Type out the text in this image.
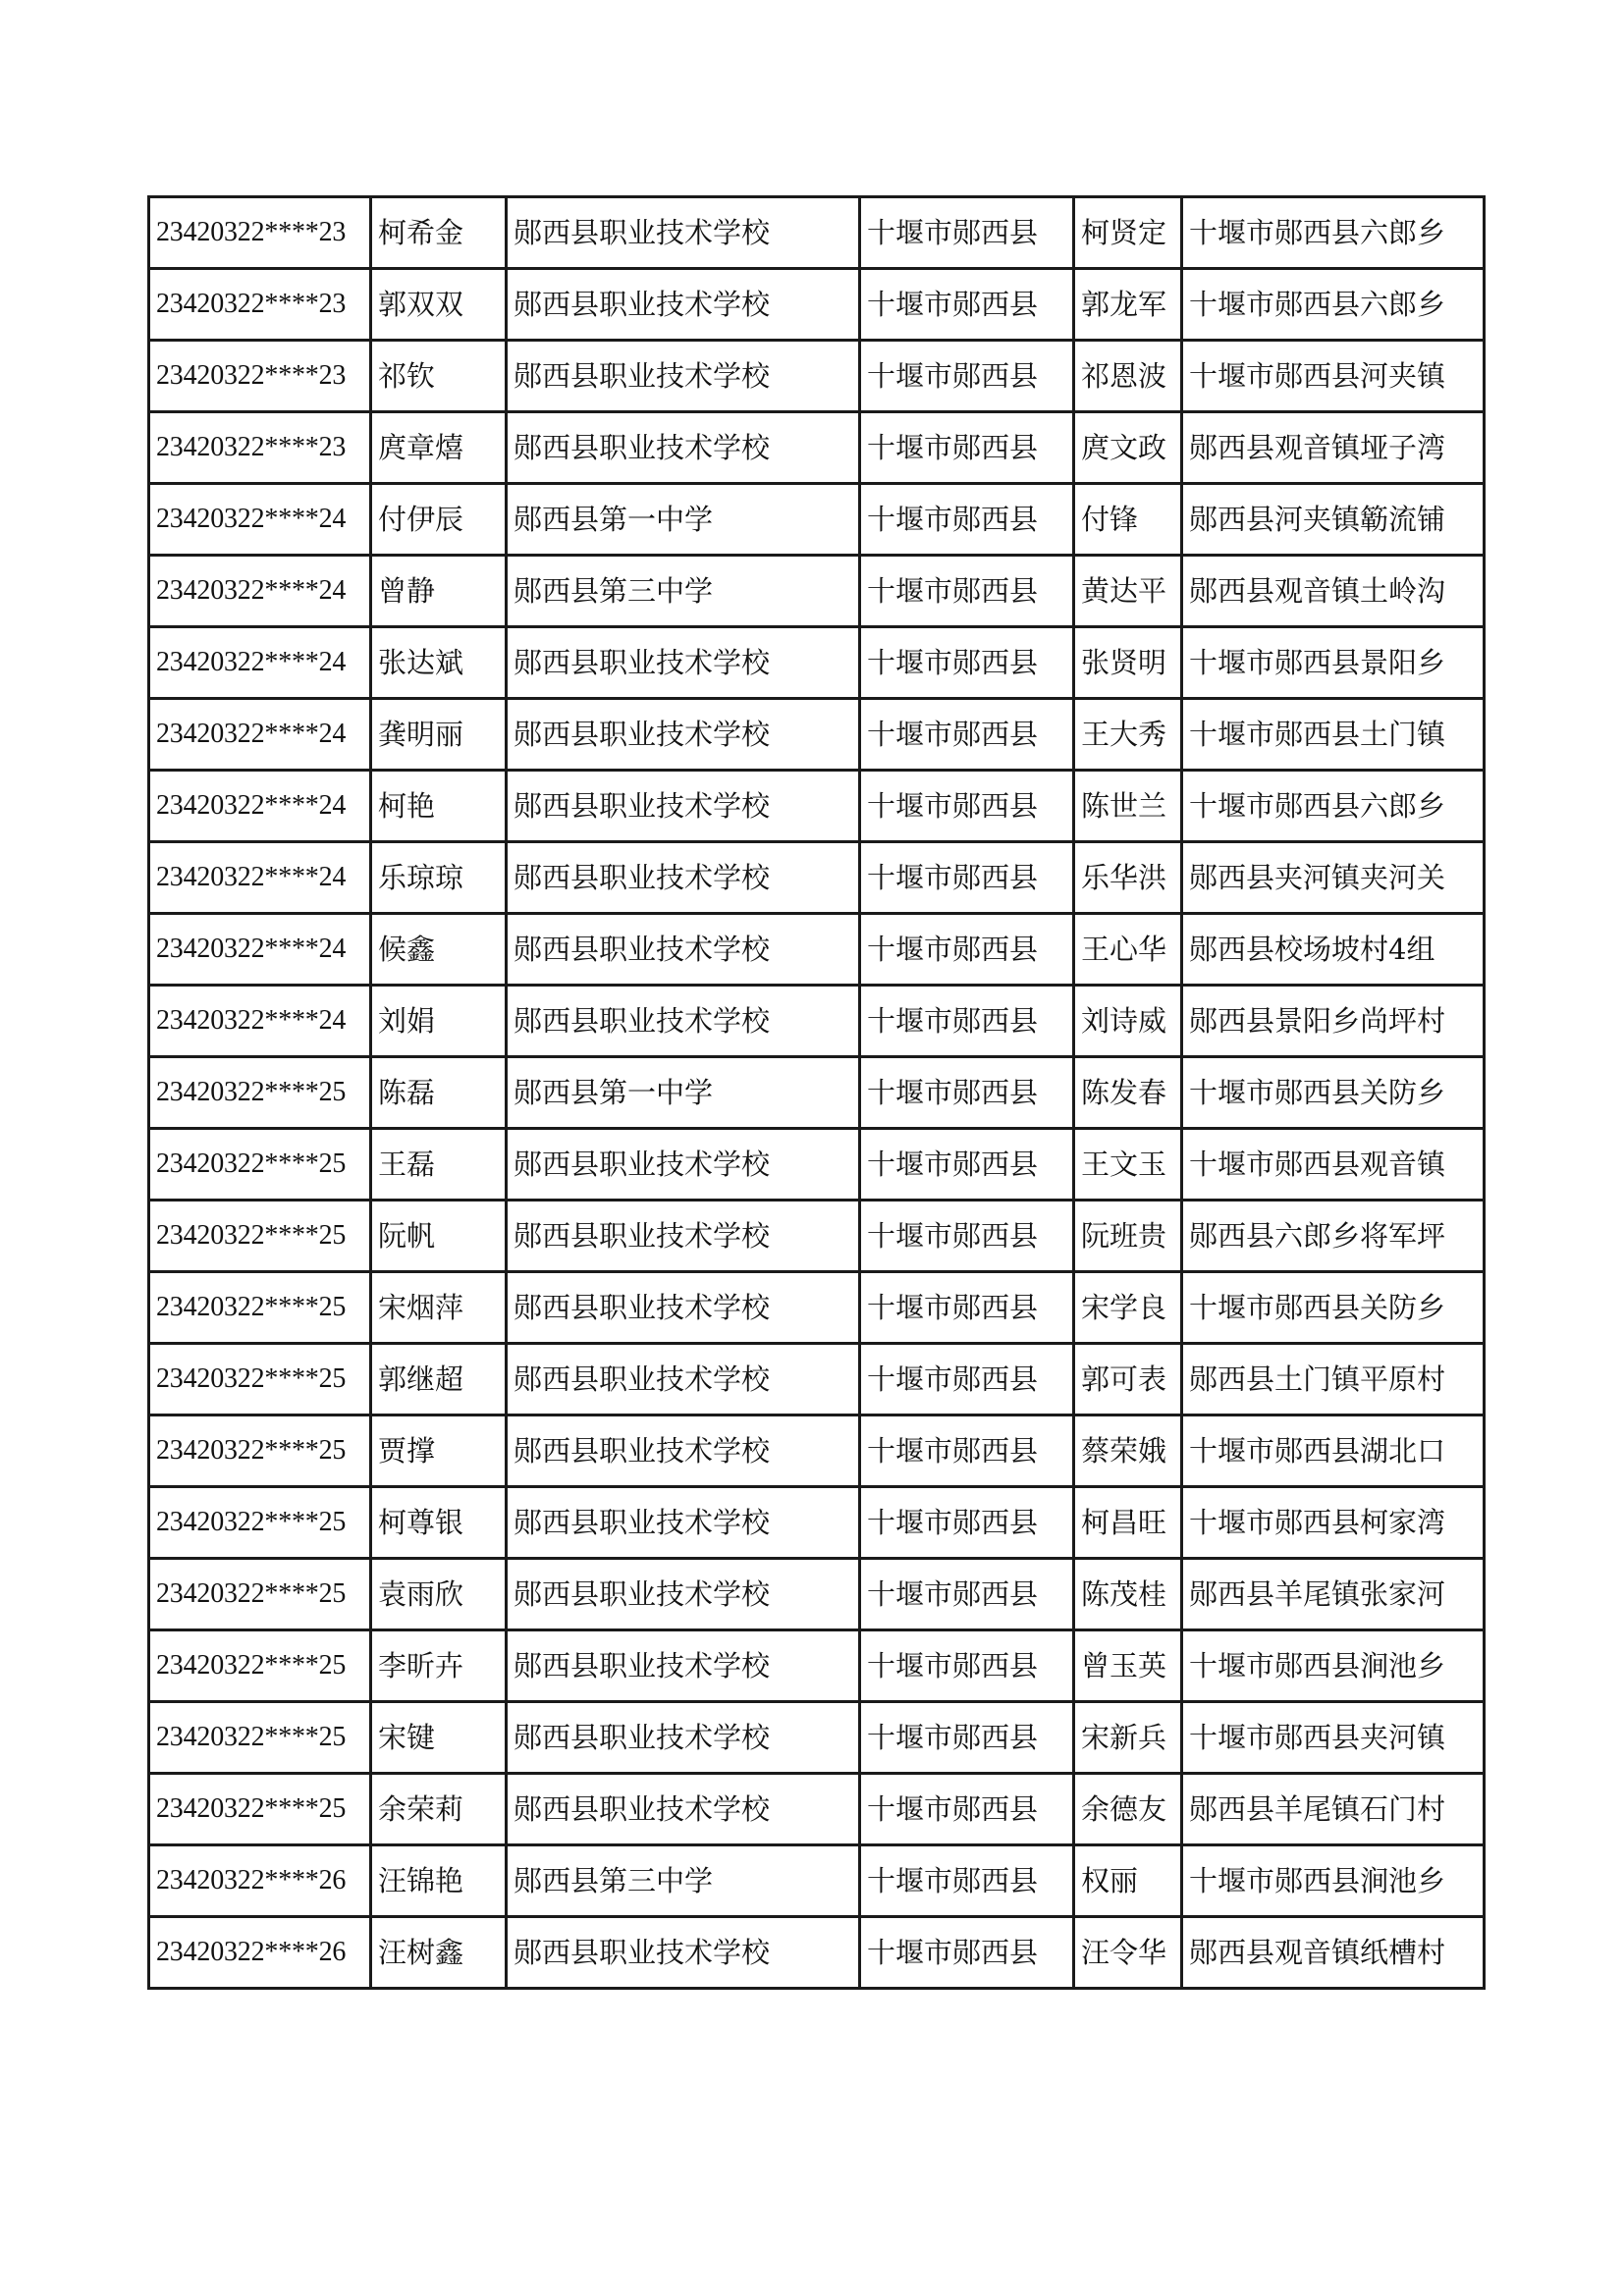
23420322****23	柯希金	郧西县职业技术学校	十堰市郧西县	柯贤定	十堰市郧西县六郎乡
23420322****23	郭双双	郧西县职业技术学校	十堰市郧西县	郭龙军	十堰市郧西县六郎乡
23420322****23	祁钦	郧西县职业技术学校	十堰市郧西县	祁恩波	十堰市郧西县河夹镇
23420322****23	庹章熺	郧西县职业技术学校	十堰市郧西县	庹文政	郧西县观音镇垭子湾
23420322****24	付伊辰	郧西县第一中学	十堰市郧西县	付锋	郧西县河夹镇簕流铺
23420322****24	曾静	郧西县第三中学	十堰市郧西县	黄达平	郧西县观音镇土岭沟
23420322****24	张达斌	郧西县职业技术学校	十堰市郧西县	张贤明	十堰市郧西县景阳乡
23420322****24	龚明丽	郧西县职业技术学校	十堰市郧西县	王大秀	十堰市郧西县土门镇
23420322****24	柯艳	郧西县职业技术学校	十堰市郧西县	陈世兰	十堰市郧西县六郎乡
23420322****24	乐琼琼	郧西县职业技术学校	十堰市郧西县	乐华洪	郧西县夹河镇夹河关
23420322****24	候鑫	郧西县职业技术学校	十堰市郧西县	王心华	郧西县校场坡村4组
23420322****24	刘娟	郧西县职业技术学校	十堰市郧西县	刘诗威	郧西县景阳乡尚坪村
23420322****25	陈磊	郧西县第一中学	十堰市郧西县	陈发春	十堰市郧西县关防乡
23420322****25	王磊	郧西县职业技术学校	十堰市郧西县	王文玉	十堰市郧西县观音镇
23420322****25	阮帆	郧西县职业技术学校	十堰市郧西县	阮班贵	郧西县六郎乡将军坪
23420322****25	宋烟萍	郧西县职业技术学校	十堰市郧西县	宋学良	十堰市郧西县关防乡
23420322****25	郭继超	郧西县职业技术学校	十堰市郧西县	郭可表	郧西县土门镇平原村
23420322****25	贾撑	郧西县职业技术学校	十堰市郧西县	蔡荣娥	十堰市郧西县湖北口
23420322****25	柯尊银	郧西县职业技术学校	十堰市郧西县	柯昌旺	十堰市郧西县柯家湾
23420322****25	袁雨欣	郧西县职业技术学校	十堰市郧西县	陈茂桂	郧西县羊尾镇张家河
23420322****25	李昕卉	郧西县职业技术学校	十堰市郧西县	曾玉英	十堰市郧西县涧池乡
23420322****25	宋键	郧西县职业技术学校	十堰市郧西县	宋新兵	十堰市郧西县夹河镇
23420322****25	余荣莉	郧西县职业技术学校	十堰市郧西县	余德友	郧西县羊尾镇石门村
23420322****26	汪锦艳	郧西县第三中学	十堰市郧西县	权丽	十堰市郧西县涧池乡
23420322****26	汪树鑫	郧西县职业技术学校	十堰市郧西县	汪令华	郧西县观音镇纸槽村
